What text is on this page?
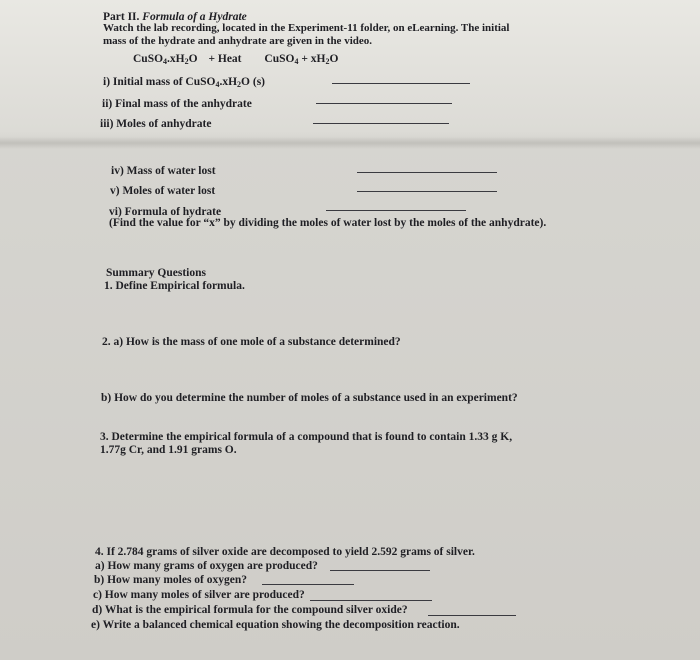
Part II. Formula of a Hydrate
Watch the lab recording, located in the Experiment-11 folder, on eLearning. The initial
mass of the hydrate and anhydrate are given in the video.
$CuSO_4.xH_2O$ + Heat CuSO$_4$ + $xH_2O$
i) Initial mass of $CuSO_4.xH_2O$ (s)
ii) Final mass of the anhydrate
iii) Moles of anhydrate
iv) Mass of water lost
v) Moles of water lost
vi) Formula of hydrate
(Find the value for “x” by dividing the moles of water lost by the moles of the anhydrate).
Summary Questions
1. Define Empirical formula.
2. a) How is the mass of one mole of a substance determined?
b) How do you determine the number of moles of a substance used in an experiment?
3. Determine the empirical formula of a compound that is found to contain 1.33 g K,
1.77g Cr, and 1.91 grams O.
4. If 2.784 grams of silver oxide are decomposed to yield 2.592 grams of silver.
a) How many grams of oxygen are produced?
b) How many moles of oxygen?
c) How many moles of silver are produced?
d) What is the empirical formula for the compound silver oxide?
e) Write a balanced chemical equation showing the decomposition reaction.
